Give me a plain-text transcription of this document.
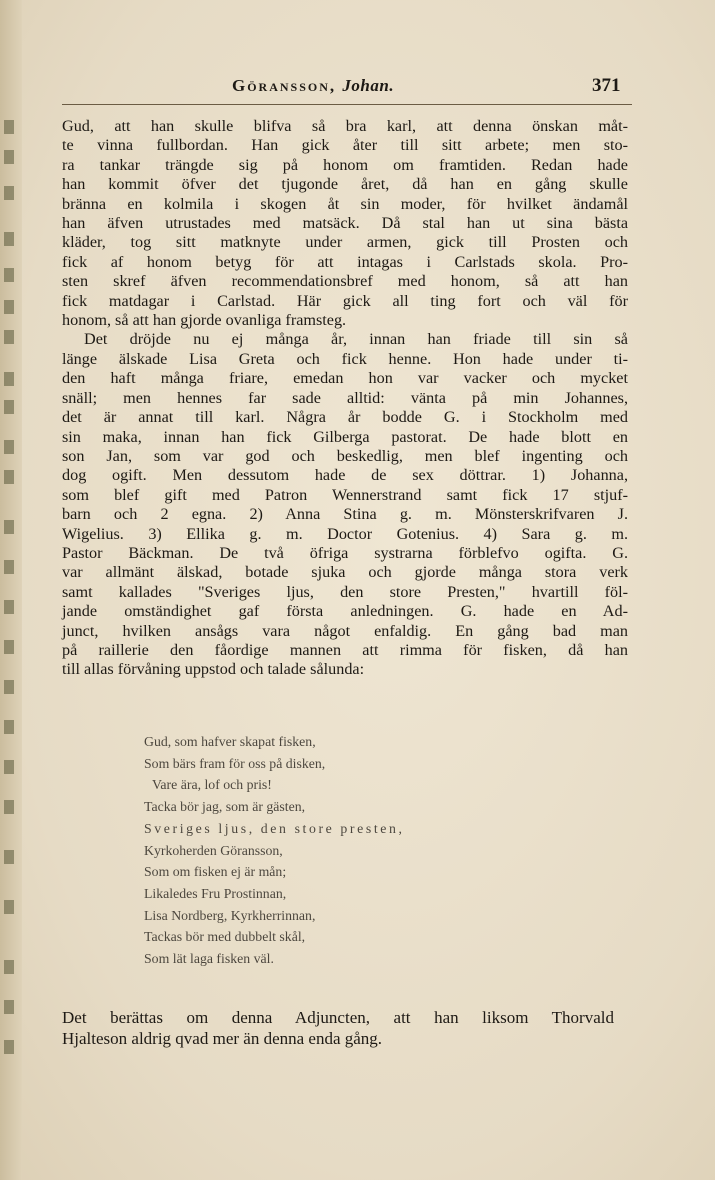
Göransson, Johan.	371
Gud, att han skulle blifva så bra karl, att denna önskan måt-
te vinna fullbordan. Han gick åter till sitt arbete; men sto-
ra tankar trängde sig på honom om framtiden. Redan hade
han kommit öfver det tjugonde året, då han en gång skulle
bränna en kolmila i skogen åt sin moder, för hvilket ändamål
han äfven utrustades med matsäck. Då stal han ut sina bästa
kläder, tog sitt matknyte under armen, gick till Prosten och
fick af honom betyg för att intagas i Carlstads skola. Pro-
sten skref äfven recommendationsbref med honom, så att han
fick matdagar i Carlstad. Här gick all ting fort och väl för
honom, så att han gjorde ovanliga framsteg.
Det dröjde nu ej många år, innan han friade till sin så
länge älskade Lisa Greta och fick henne. Hon hade under ti-
den haft många friare, emedan hon var vacker och mycket
snäll; men hennes far sade alltid: vänta på min Johannes,
det är annat till karl. Några år bodde G. i Stockholm med
sin maka, innan han fick Gilberga pastorat. De hade blott en
son Jan, som var god och beskedlig, men blef ingenting och
dog ogift. Men dessutom hade de sex döttrar. 1) Johanna,
som blef gift med Patron Wennerstrand samt fick 17 stjuf-
barn och 2 egna. 2) Anna Stina g. m. Mönsterskrifvaren J.
Wigelius. 3) Ellika g. m. Doctor Gotenius. 4) Sara g. m.
Pastor Bäckman. De två öfriga systrarna förblefvo ogifta. G.
var allmänt älskad, botade sjuka och gjorde många stora verk
samt kallades "Sveriges ljus, den store Presten," hvartill föl-
jande omständighet gaf första anledningen. G. hade en Ad-
junct, hvilken ansågs vara något enfaldig. En gång bad man
på raillerie den fåordige mannen att rimma för fisken, då han
till allas förvåning uppstod och talade sålunda:
Gud, som hafver skapat fisken,
Som bärs fram för oss på disken,
Vare ära, lof och pris!
Tacka bör jag, som är gästen,
Sveriges ljus, den store presten,
Kyrkoherden Göransson,
Som om fisken ej är mån;
Likaledes Fru Prostinnan,
Lisa Nordberg, Kyrkherrinnan,
Tackas bör med dubbelt skål,
Som lät laga fisken väl.
Det berättas om denna Adjuncten, att han liksom Thorvald
Hjalteson aldrig qvad mer än denna enda gång.
